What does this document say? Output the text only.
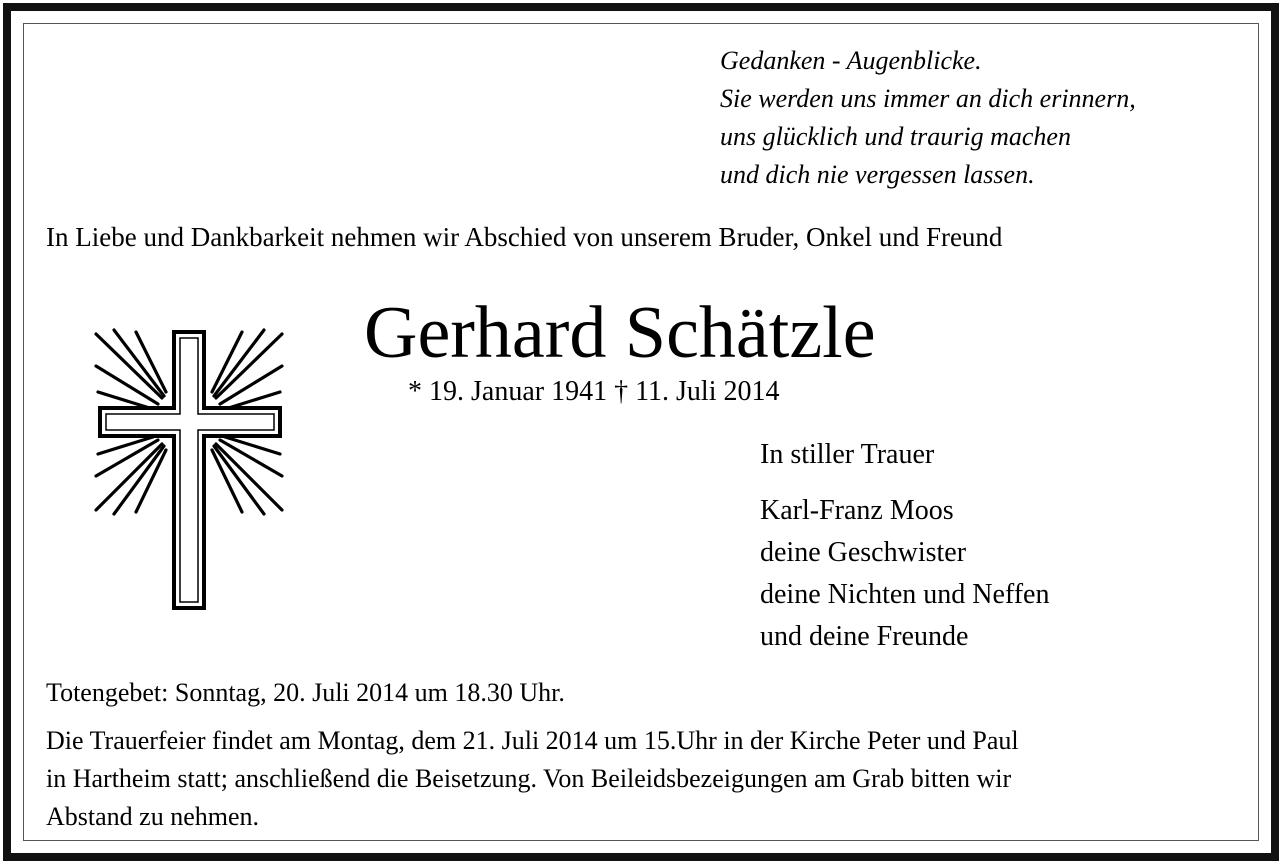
Gedanken - Augenblicke.
Sie werden uns immer an dich erinnern,
uns glücklich und traurig machen
und dich nie vergessen lassen.
In Liebe und Dankbarkeit nehmen wir Abschied von unserem Bruder, Onkel und Freund
Gerhard Schätzle
* 19. Januar 1941 † 11. Juli 2014
In stiller Trauer
Karl-Franz Moos
deine Geschwister
deine Nichten und Neffen
und deine Freunde
Totengebet: Sonntag, 20. Juli 2014 um 18.30 Uhr.
Die Trauerfeier findet am Montag, dem 21. Juli 2014 um 15.Uhr in der Kirche Peter und Paul
in Hartheim statt; anschließend die Beisetzung. Von Beileidsbezeigungen am Grab bitten wir
Abstand zu nehmen.
